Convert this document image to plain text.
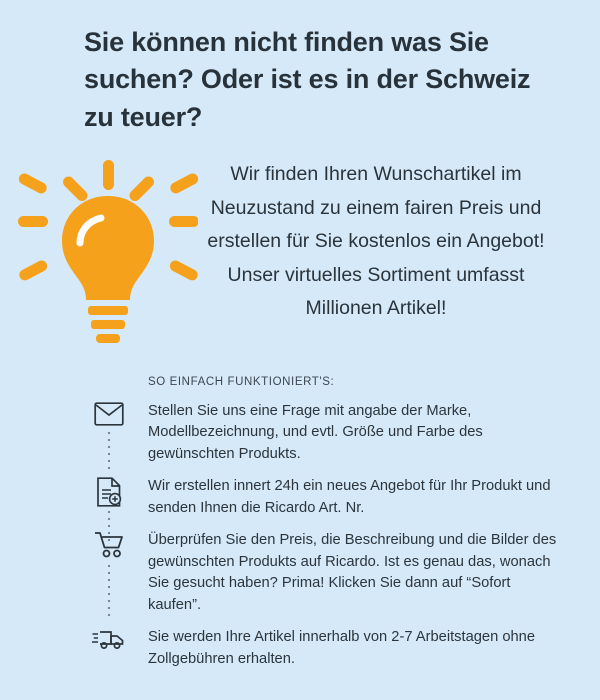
Sie können nicht finden was Sie suchen? Oder ist es in der Schweiz zu teuer?
Wir finden Ihren Wunschartikel im Neuzustand zu einem fairen Preis und erstellen für Sie kostenlos ein Angebot! Unser virtuelles Sortiment umfasst Millionen Artikel!
SO EINFACH FUNKTIONIERT'S:
Stellen Sie uns eine Frage mit angabe der Marke, Modellbezeichnung, und evtl. Größe und Farbe des gewünschten Produkts.
Wir erstellen innert 24h ein neues Angebot für Ihr Produkt und senden Ihnen die Ricardo Art. Nr.
Überprüfen Sie den Preis, die Beschreibung und die Bilder des gewünschten Produkts auf Ricardo. Ist es genau das, wonach Sie gesucht haben? Prima! Klicken Sie dann auf “Sofort kaufen”.
Sie werden Ihre Artikel innerhalb von 2-7 Arbeitstagen ohne Zollgebühren erhalten.
